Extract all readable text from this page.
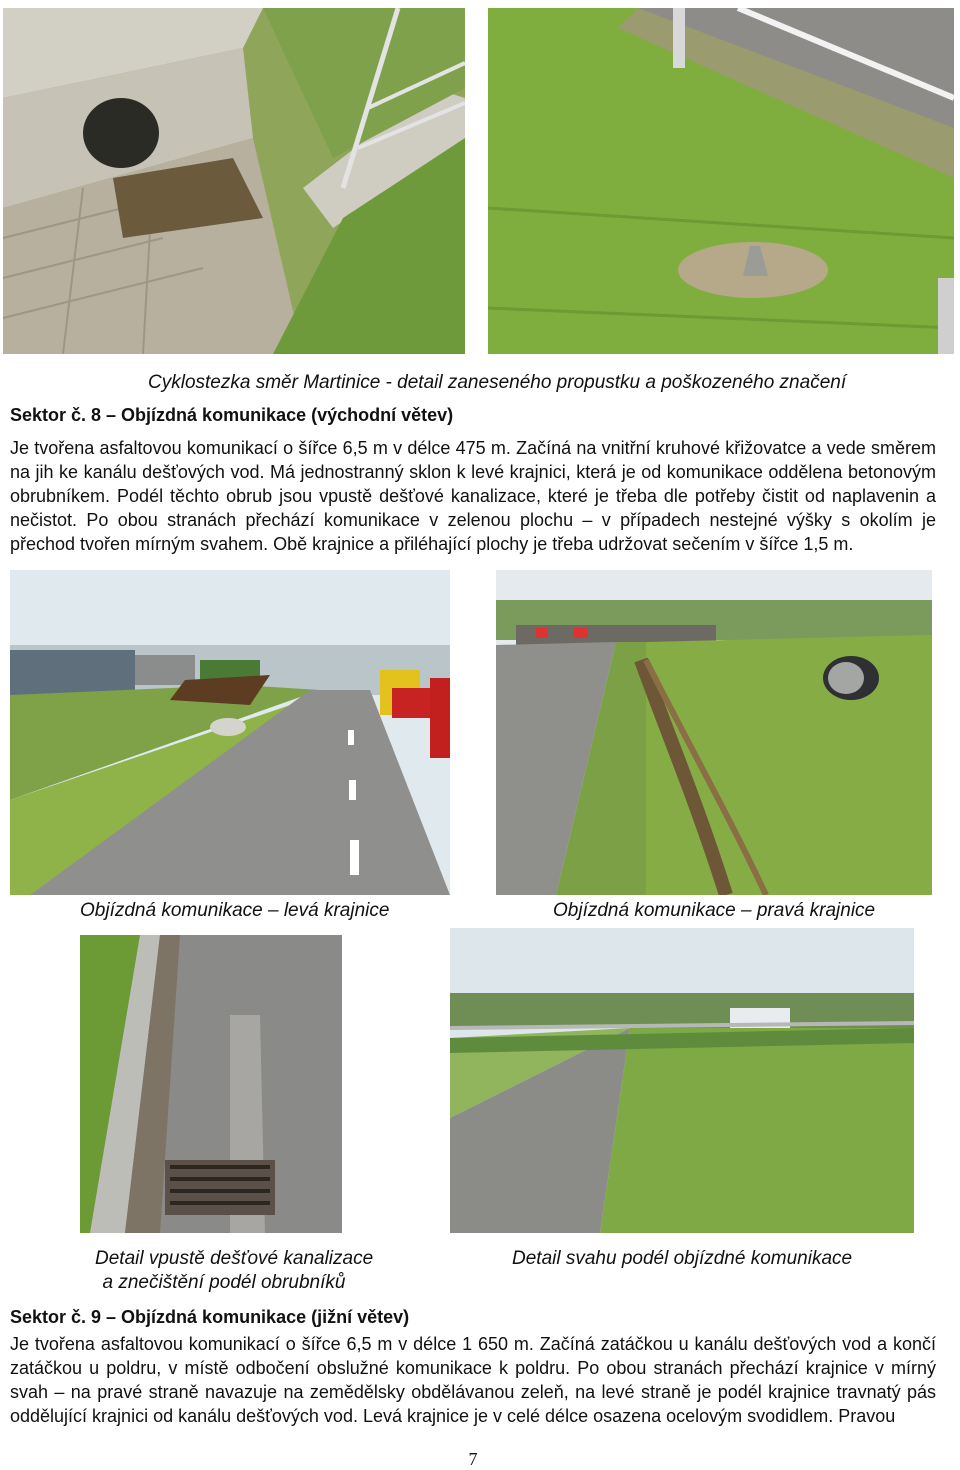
Cyklostezka směr Martinice - detail zaneseného propustku a poškozeného značení
Sektor č. 8 – Objízdná komunikace (východní větev)
Je tvořena asfaltovou komunikací o šířce 6,5 m v délce 475 m. Začíná na vnitřní kruhové křižovatce a vede směrem na jih ke kanálu dešťových vod. Má jednostranný sklon k levé krajnici, která je od komunikace oddělena betonovým obrubníkem. Podél těchto obrub jsou vpustě dešťové kanalizace, které je třeba dle potřeby čistit od naplavenin a nečistot. Po obou stranách přechází komunikace v zelenou plochu – v případech nestejné výšky s okolím je přechod tvořen mírným svahem. Obě krajnice a přiléhající plochy je třeba udržovat sečením v šířce 1,5 m.
Objízdná komunikace – levá krajnice	Objízdná komunikace – pravá krajnice
Detail vpustě dešťové kanalizace
a znečištění podél obrubníků
Detail svahu podél objízdné komunikace
Sektor č. 9 – Objízdná komunikace (jižní větev)
Je tvořena asfaltovou komunikací o šířce 6,5 m v délce 1 650 m. Začíná zatáčkou u kanálu dešťových vod a končí zatáčkou u poldru, v místě odbočení obslužné komunikace k poldru. Po obou stranách přechází krajnice v mírný svah – na pravé straně navazuje na zemědělsky obdělávanou zeleň, na levé straně je podél krajnice travnatý pás oddělující krajnici od kanálu dešťových vod. Levá krajnice je v celé délce osazena ocelovým svodidlem. Pravou
7
